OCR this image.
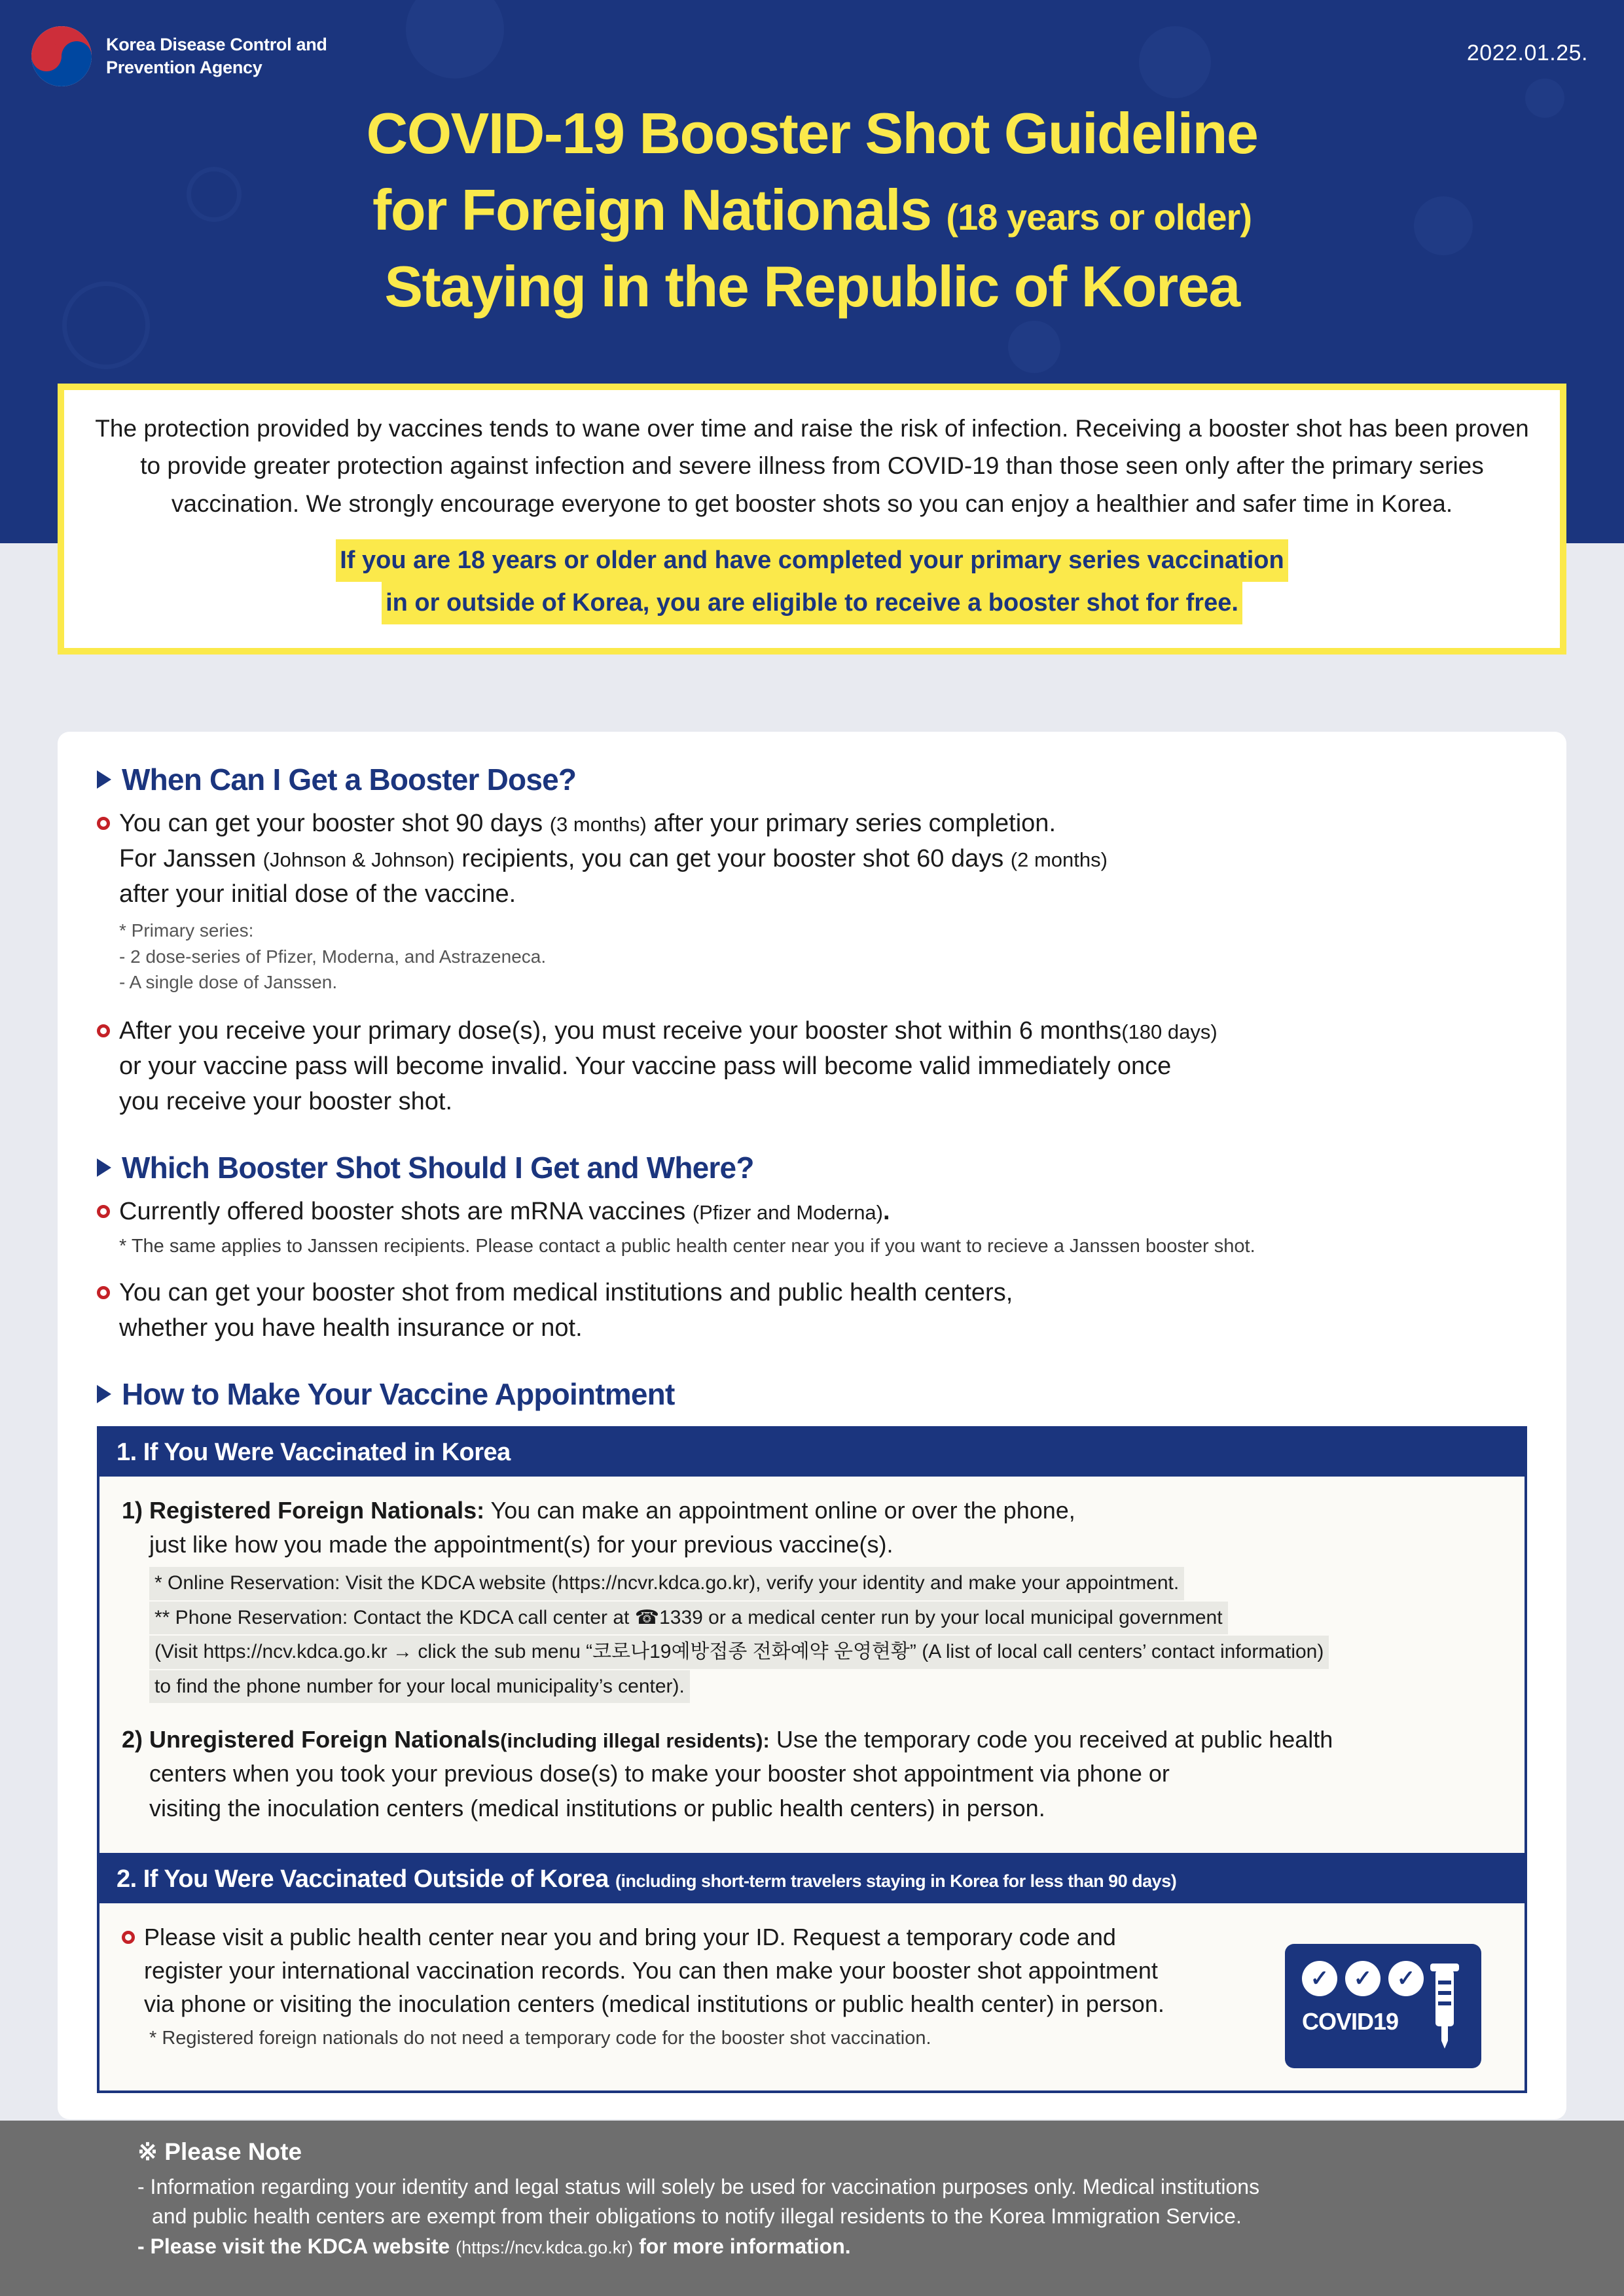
Korea Disease Control and
Prevention Agency
2022.01.25.
COVID-19 Booster Shot Guideline
for Foreign Nationals (18 years or older)
Staying in the Republic of Korea

The protection provided by vaccines tends to wane over time and raise the risk of infection. Receiving a booster shot has been proven to provide greater protection against infection and severe illness from COVID-19 than those seen only after the primary series vaccination. We strongly encourage everyone to get booster shots so you can enjoy a healthier and safer time in Korea.

If you are 18 years or older and have completed your primary series vaccination
in or outside of Korea, you are eligible to receive a booster shot for free.
When Can I Get a Booster Dose?
You can get your booster shot 90 days (3 months) after your primary series completion.
For Janssen (Johnson & Johnson) recipients, you can get your booster shot 60 days (2 months)
after your initial dose of the vaccine.
* Primary series:
- 2 dose-series of Pfizer, Moderna, and Astrazeneca.
- A single dose of Janssen.
After you receive your primary dose(s), you must receive your booster shot within 6 months(180 days)
or your vaccine pass will become invalid. Your vaccine pass will become valid immediately once
you receive your booster shot.
Which Booster Shot Should I Get and Where?
Currently offered booster shots are mRNA vaccines (Pfizer and Moderna).
* The same applies to Janssen recipients. Please contact a public health center near you if you want to recieve a Janssen booster shot.
You can get your booster shot from medical institutions and public health centers,
whether you have health insurance or not.
How to Make Your Vaccine Appointment
1. If You Were Vaccinated in Korea
1) Registered Foreign Nationals: You can make an appointment online or over the phone,
just like how you made the appointment(s) for your previous vaccine(s).
* Online Reservation: Visit the KDCA website (https://ncvr.kdca.go.kr), verify your identity and make your appointment. ** Phone Reservation: Contact the KDCA call center at ☎1339 or a medical center run by your local municipal government (Visit https://ncv.kdca.go.kr → click the sub menu “코로나19예방접종 전화예약 운영현황” (A list of local call centers’ contact information) to find the phone number for your local municipality’s center).
2) Unregistered Foreign Nationals(including illegal residents): Use the temporary code you received at public health
centers when you took your previous dose(s) to make your booster shot appointment via phone or
visiting the inoculation centers (medical institutions or public health centers) in person.
2. If You Were Vaccinated Outside of Korea (including short-term travelers staying in Korea for less than 90 days)
Please visit a public health center near you and bring your ID. Request a temporary code and
register your international vaccination records. You can then make your booster shot appointment
via phone or visiting the inoculation centers (medical institutions or public health center) in person.
* Registered foreign nationals do not need a temporary code for the booster shot vaccination.
✓	✓	✓
COVID19
※ Please Note
- Information regarding your identity and legal status will solely be used for vaccination purposes only. Medical institutions
and public health centers are exempt from their obligations to notify illegal residents to the Korea Immigration Service.
- Please visit the KDCA website (https://ncv.kdca.go.kr) for more information.
